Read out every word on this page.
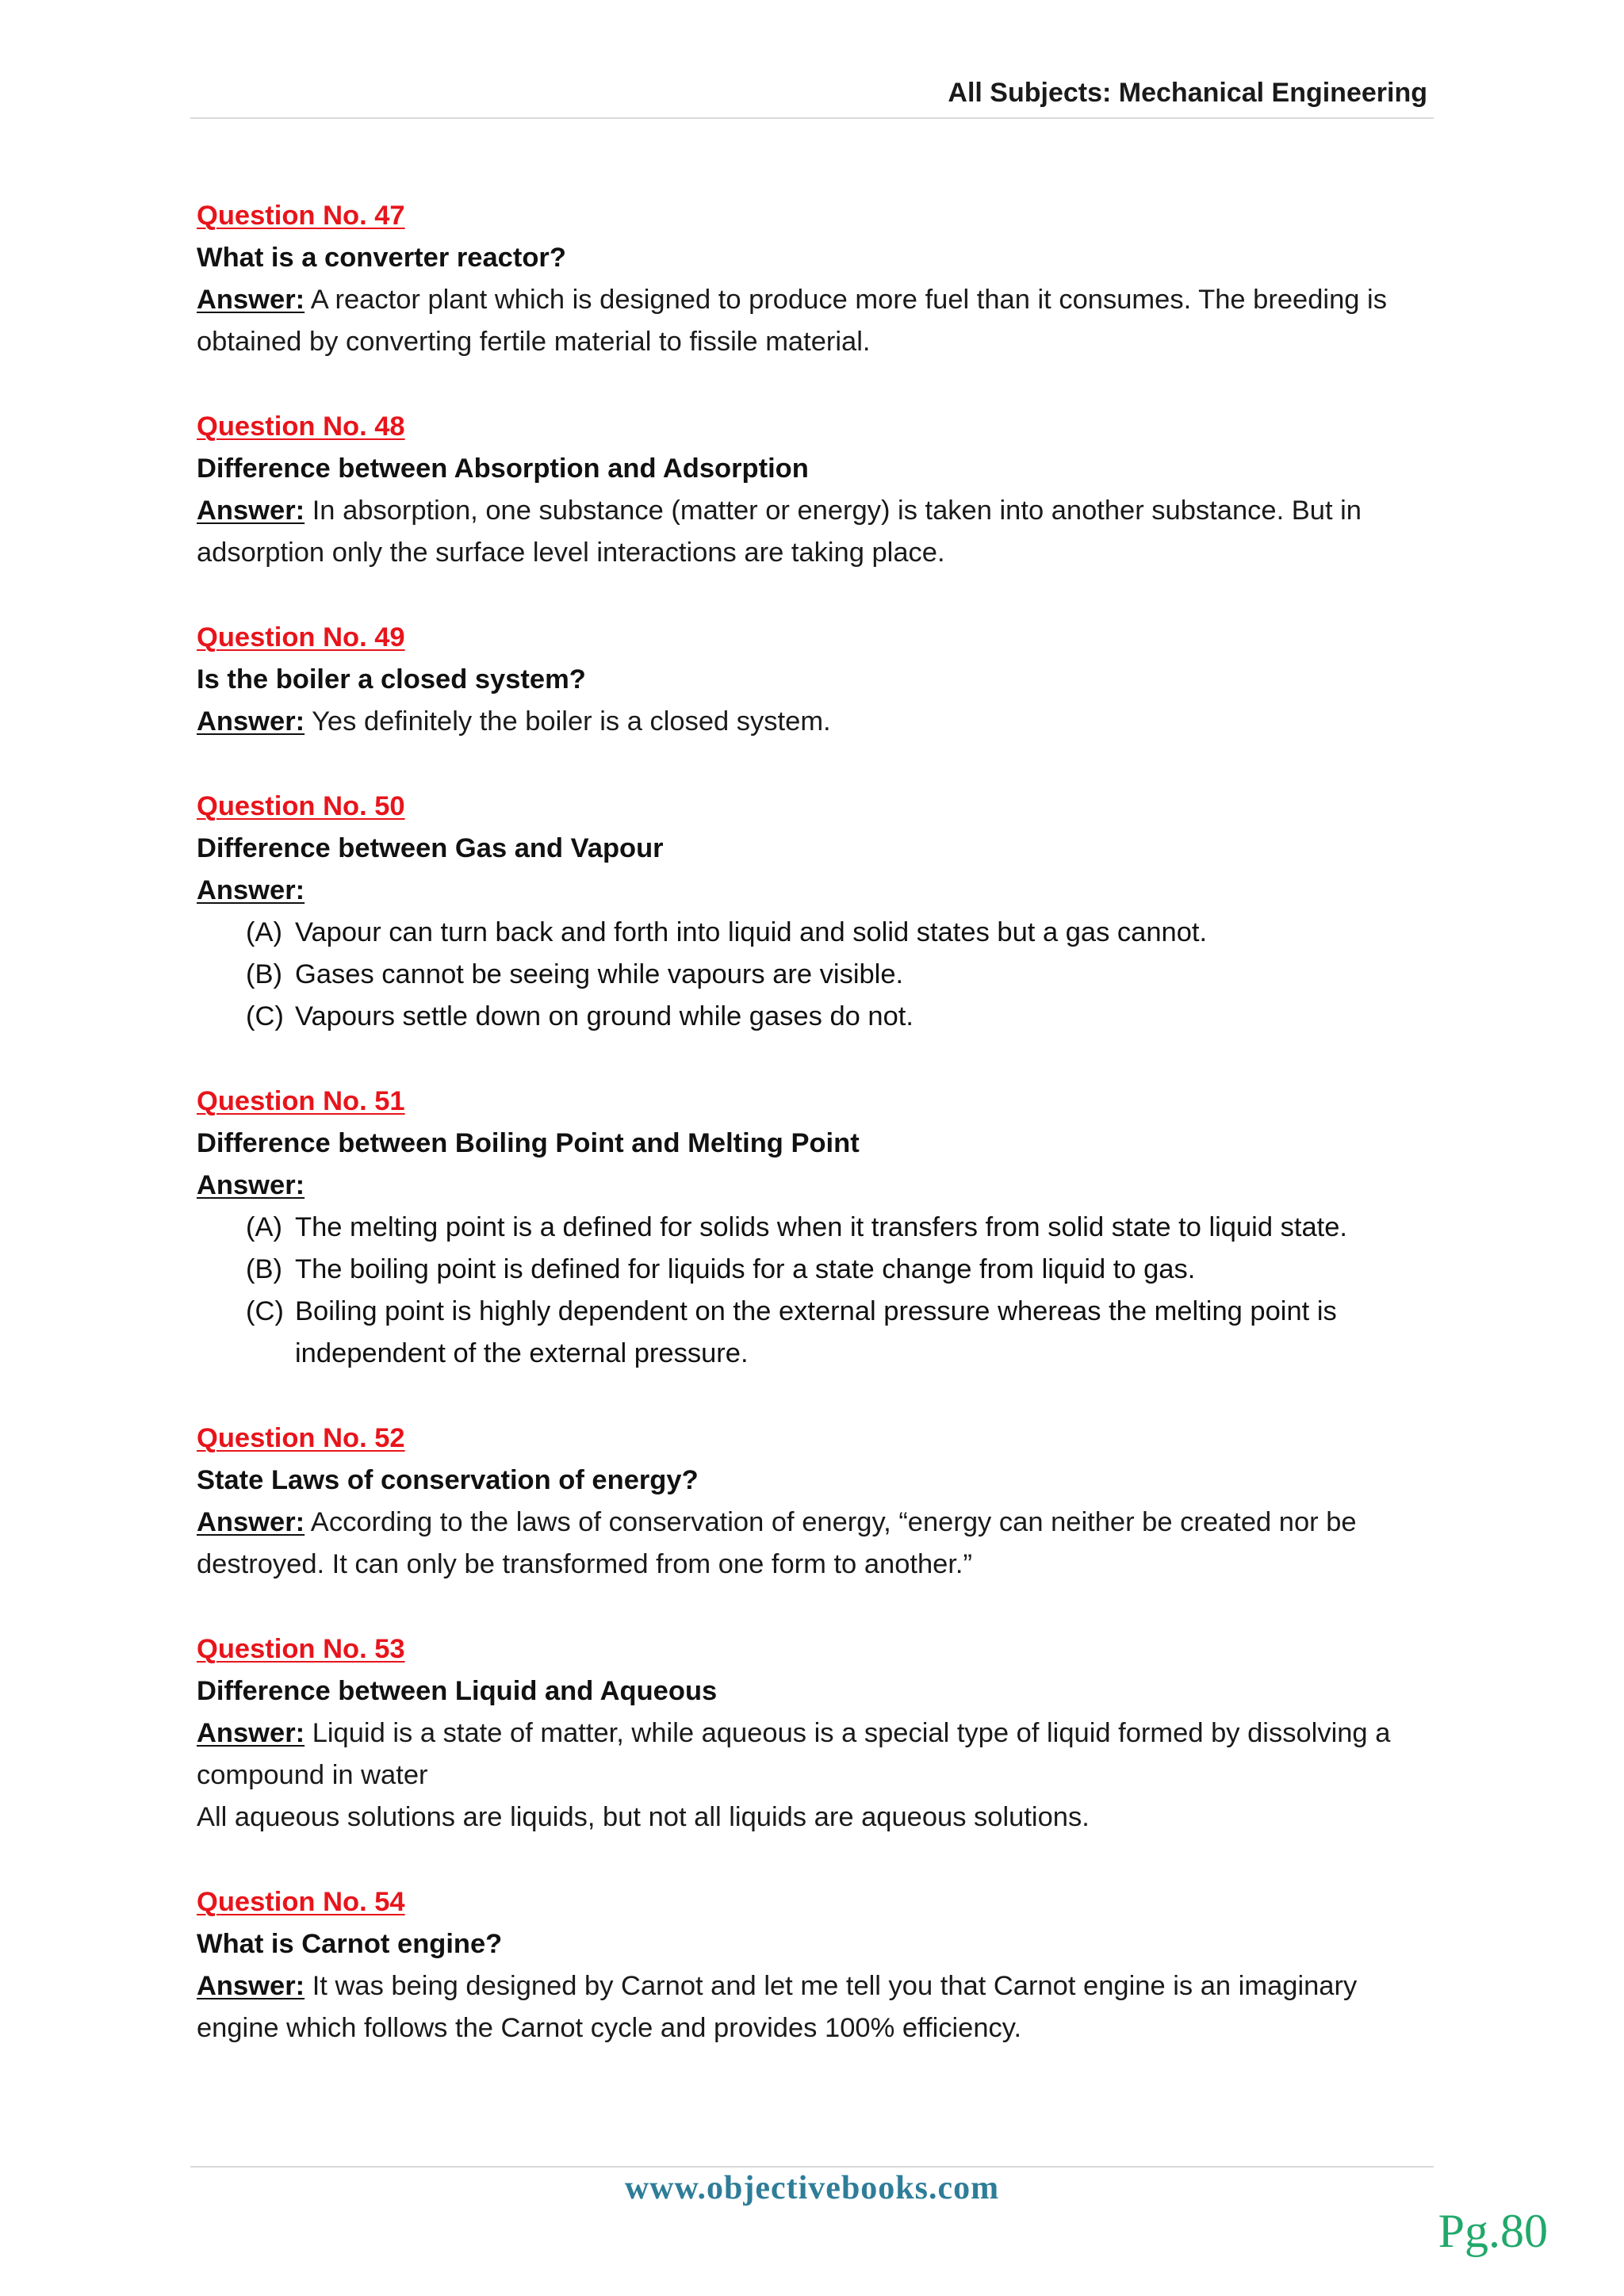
All Subjects: Mechanical Engineering
Question No. 47
What is a converter reactor?
Answer: A reactor plant which is designed to produce more fuel than it consumes. The breeding is obtained by converting fertile material to fissile material.
Question No. 48
Difference between Absorption and Adsorption
Answer: In absorption, one substance (matter or energy) is taken into another substance. But in adsorption only the surface level interactions are taking place.
Question No. 49
Is the boiler a closed system?
Answer: Yes definitely the boiler is a closed system.
Question No. 50
Difference between Gas and Vapour
Answer:
(A) Vapour can turn back and forth into liquid and solid states but a gas cannot.
(B) Gases cannot be seeing while vapours are visible.
(C) Vapours settle down on ground while gases do not.
Question No. 51
Difference between Boiling Point and Melting Point
Answer:
(A) The melting point is a defined for solids when it transfers from solid state to liquid state.
(B) The boiling point is defined for liquids for a state change from liquid to gas.
(C) Boiling point is highly dependent on the external pressure whereas the melting point is independent of the external pressure.
Question No. 52
State Laws of conservation of energy?
Answer: According to the laws of conservation of energy, “energy can neither be created nor be destroyed. It can only be transformed from one form to another.”
Question No. 53
Difference between Liquid and Aqueous
Answer: Liquid is a state of matter, while aqueous is a special type of liquid formed by dissolving a compound in water
All aqueous solutions are liquids, but not all liquids are aqueous solutions.
Question No. 54
What is Carnot engine?
Answer: It was being designed by Carnot and let me tell you that Carnot engine is an imaginary engine which follows the Carnot cycle and provides 100% efficiency.
www.objectivebooks.com
Pg.80
